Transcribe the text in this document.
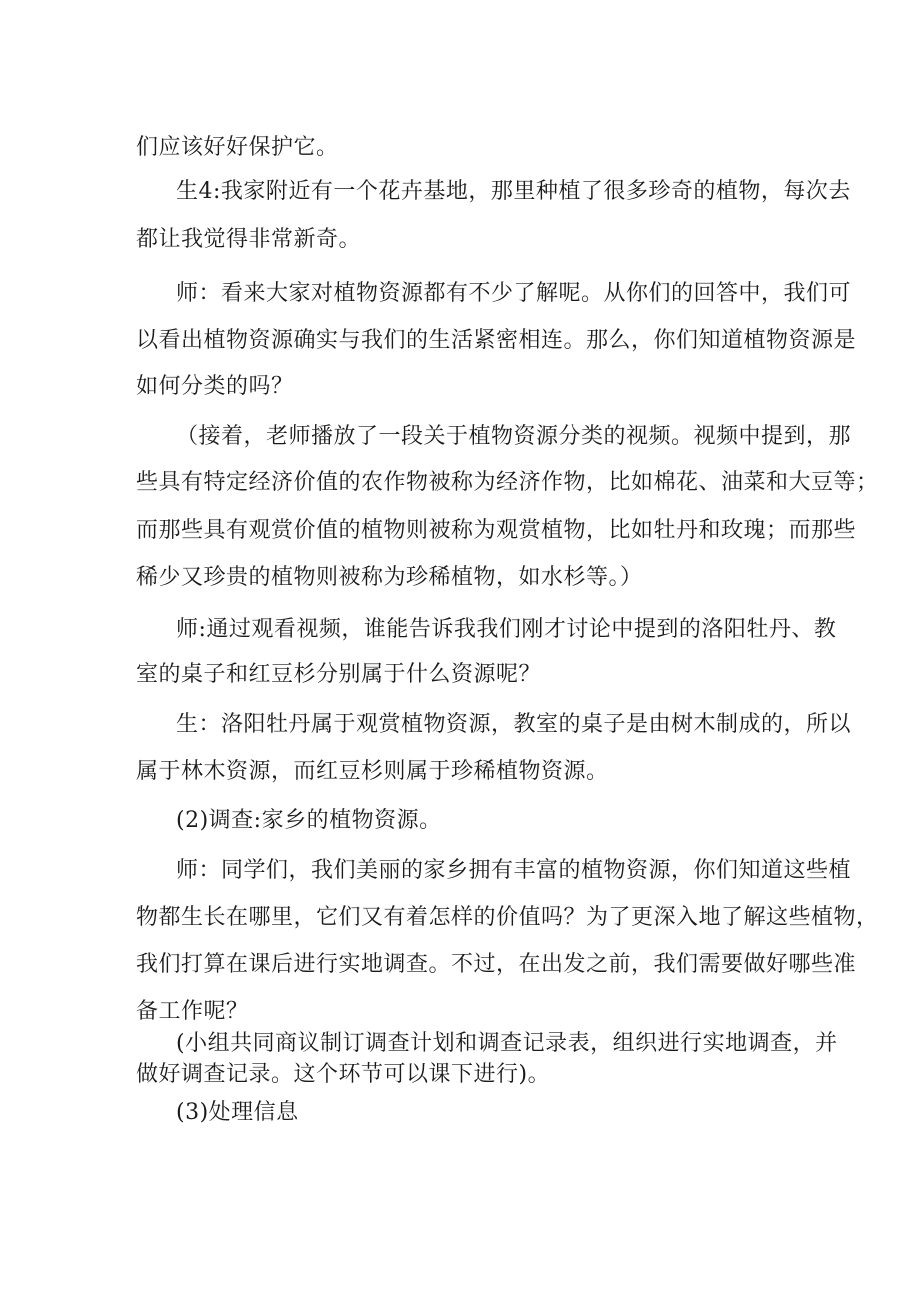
们应该好好保护它。
生4:我家附近有一个花卉基地，那里种植了很多珍奇的植物，每次去
都让我觉得非常新奇。
师：看来大家对植物资源都有不少了解呢。从你们的回答中，我们可
以看出植物资源确实与我们的生活紧密相连。那么，你们知道植物资源是
如何分类的吗？
（接着，老师播放了一段关于植物资源分类的视频。视频中提到，那
些具有特定经济价值的农作物被称为经济作物，比如棉花、油菜和大豆等；
而那些具有观赏价值的植物则被称为观赏植物，比如牡丹和玫瑰；而那些
稀少又珍贵的植物则被称为珍稀植物，如水杉等。）
师:通过观看视频，谁能告诉我我们刚才讨论中提到的洛阳牡丹、教
室的桌子和红豆杉分别属于什么资源呢？
生：洛阳牡丹属于观赏植物资源，教室的桌子是由树木制成的，所以
属于林木资源，而红豆杉则属于珍稀植物资源。
(2)调查:家乡的植物资源。
师：同学们，我们美丽的家乡拥有丰富的植物资源，你们知道这些植
物都生长在哪里，它们又有着怎样的价值吗？为了更深入地了解这些植物，
我们打算在课后进行实地调查。不过，在出发之前，我们需要做好哪些准
备工作呢？
(小组共同商议制订调查计划和调查记录表，组织进行实地调查，并
做好调查记录。这个环节可以课下进行)。
(3)处理信息
